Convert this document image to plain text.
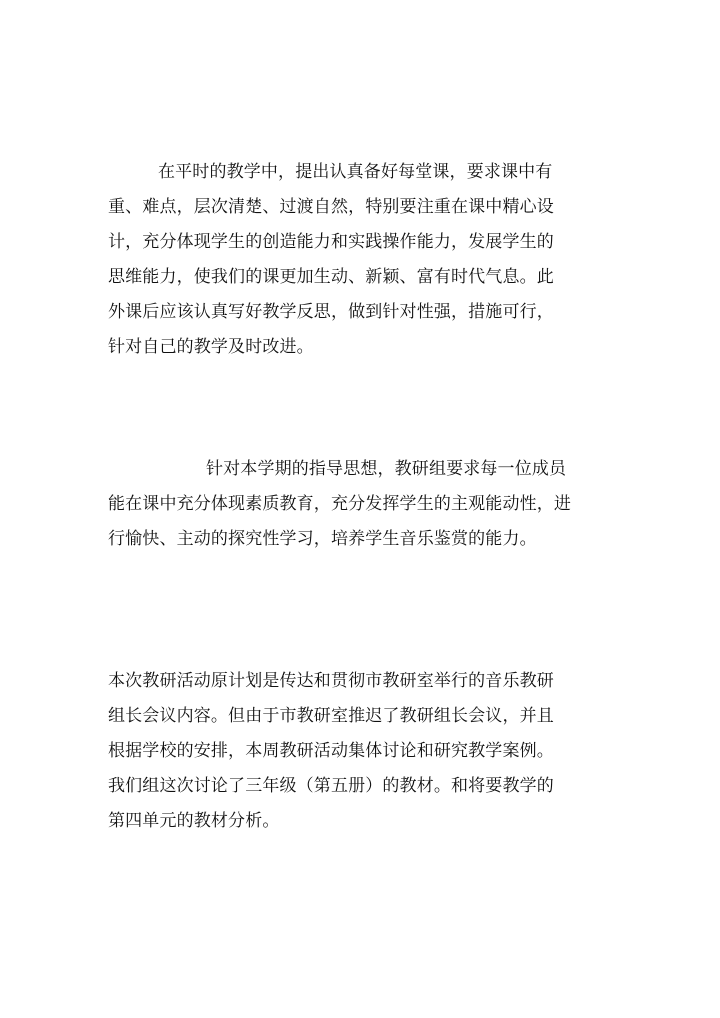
在平时的教学中，提出认真备好每堂课，要求课中有
重、难点，层次清楚、过渡自然，特别要注重在课中精心设
计，充分体现学生的创造能力和实践操作能力，发展学生的
思维能力，使我们的课更加生动、新颖、富有时代气息。此
外课后应该认真写好教学反思，做到针对性强，措施可行，
针对自己的教学及时改进。
针对本学期的指导思想，教研组要求每一位成员
能在课中充分体现素质教育，充分发挥学生的主观能动性，进
行愉快、主动的探究性学习，培养学生音乐鉴赏的能力。
本次教研活动原计划是传达和贯彻市教研室举行的音乐教研
组长会议内容。但由于市教研室推迟了教研组长会议，并且
根据学校的安排，本周教研活动集体讨论和研究教学案例。
我们组这次讨论了三年级（第五册）的教材。和将要教学的
第四单元的教材分析。
